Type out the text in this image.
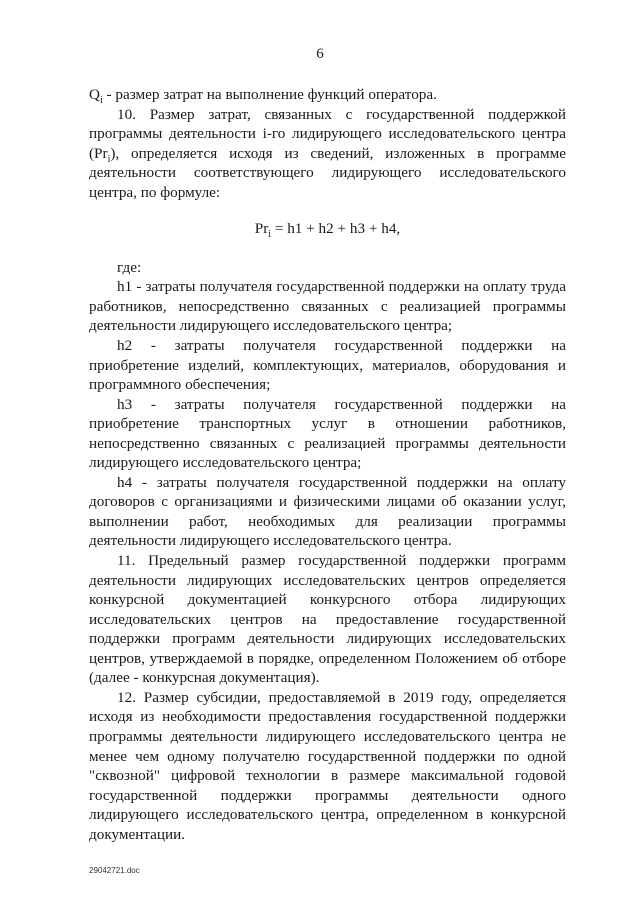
6

$Q_i$ - размер затрат на выполнение функций оператора.

10. Размер затрат, связанных с государственной поддержкой программы деятельности i-го лидирующего исследовательского центра $(Pr_i)$, определяется исходя из сведений, изложенных в программе деятельности соответствующего лидирующего исследовательского центра, по формуле:

$Pr_i = h1 + h2 + h3 + h4$,

где:

h1 - затраты получателя государственной поддержки на оплату труда работников, непосредственно связанных с реализацией программы деятельности лидирующего исследовательского центра;

h2 - затраты получателя государственной поддержки на приобретение изделий, комплектующих, материалов, оборудования и программного обеспечения;

h3 - затраты получателя государственной поддержки на приобретение транспортных услуг в отношении работников, непосредственно связанных с реализацией программы деятельности лидирующего исследовательского центра;

h4 - затраты получателя государственной поддержки на оплату договоров с организациями и физическими лицами об оказании услуг, выполнении работ, необходимых для реализации программы деятельности лидирующего исследовательского центра.

11. Предельный размер государственной поддержки программ деятельности лидирующих исследовательских центров определяется конкурсной документацией конкурсного отбора лидирующих исследовательских центров на предоставление государственной поддержки программ деятельности лидирующих исследовательских центров, утверждаемой в порядке, определенном Положением об отборе (далее - конкурсная документация).

12. Размер субсидии, предоставляемой в 2019 году, определяется исходя из необходимости предоставления государственной поддержки программы деятельности лидирующего исследовательского центра не менее чем одному получателю государственной поддержки по одной "сквозной" цифровой технологии в размере максимальной годовой государственной поддержки программы деятельности одного лидирующего исследовательского центра, определенном в конкурсной документации.

.
29042721.doc
